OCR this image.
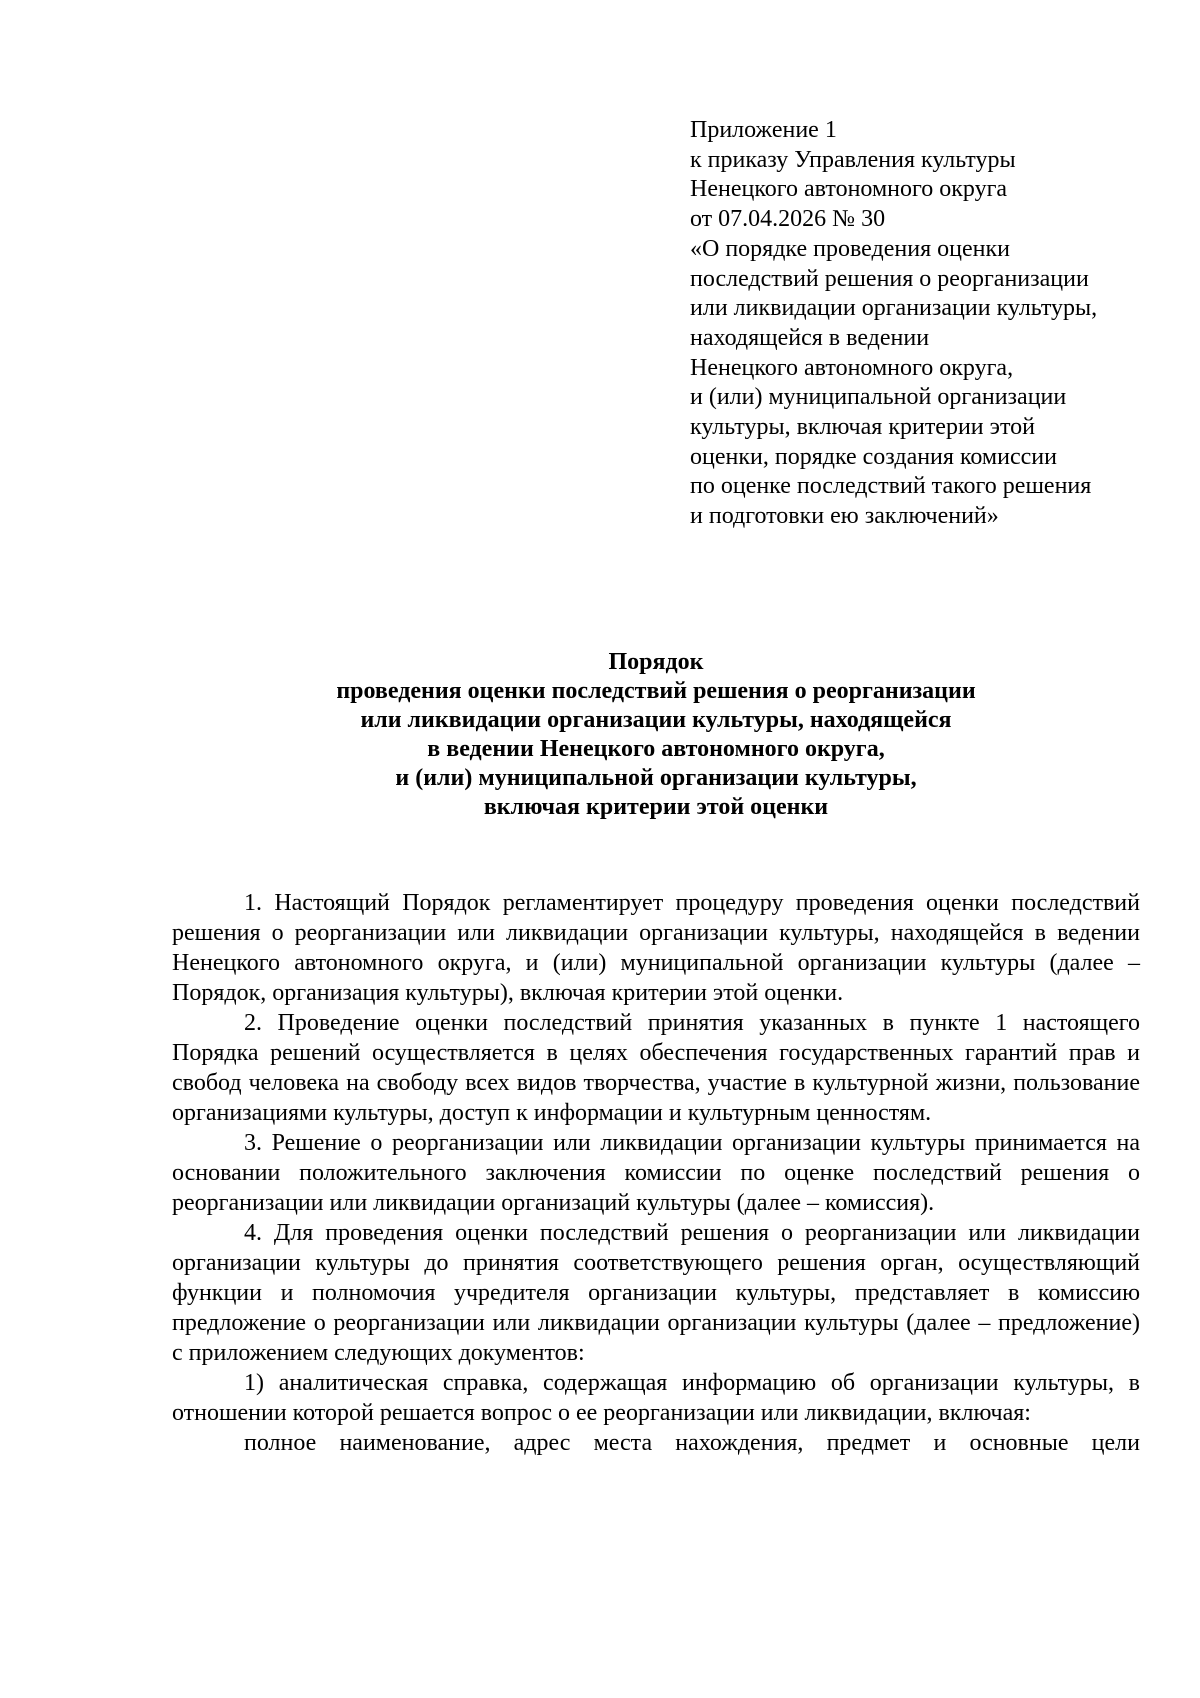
Приложение 1
к приказу Управления культуры
Ненецкого автономного округа
от 07.04.2026 № 30
«О порядке проведения оценки
последствий решения о реорганизации
или ликвидации организации культуры,
находящейся в ведении
Ненецкого автономного округа,
и (или) муниципальной организации
культуры, включая критерии этой
оценки, порядке создания комиссии
по оценке последствий такого решения
и подготовки ею заключений»
Порядок
проведения оценки последствий решения о реорганизации
или ликвидации организации культуры, находящейся
в ведении Ненецкого автономного округа,
и (или) муниципальной организации культуры,
включая критерии этой оценки

1. Настоящий Порядок регламентирует процедуру проведения оценки последствий решения о реорганизации или ликвидации организации культуры, находящейся в ведении Ненецкого автономного округа, и (или) муниципальной организации культуры (далее – Порядок, организация культуры), включая критерии этой оценки.

2. Проведение оценки последствий принятия указанных в пункте 1 настоящего Порядка решений осуществляется в целях обеспечения государственных гарантий прав и свобод человека на свободу всех видов творчества, участие в культурной жизни, пользование организациями культуры, доступ к информации и культурным ценностям.

3. Решение о реорганизации или ликвидации организации культуры принимается на основании положительного заключения комиссии по оценке последствий решения о реорганизации или ликвидации организаций культуры (далее – комиссия).

4. Для проведения оценки последствий решения о реорганизации или ликвидации организации культуры до принятия соответствующего решения орган, осуществляющий функции и полномочия учредителя организации культуры, представляет в комиссию предложение о реорганизации или ликвидации организации культуры (далее – предложение) с приложением следующих документов:

1) аналитическая справка, содержащая информацию об организации культуры, в отношении которой решается вопрос о ее реорганизации или ликвидации, включая:

полное наименование, адрес места нахождения, предмет и основные цели
